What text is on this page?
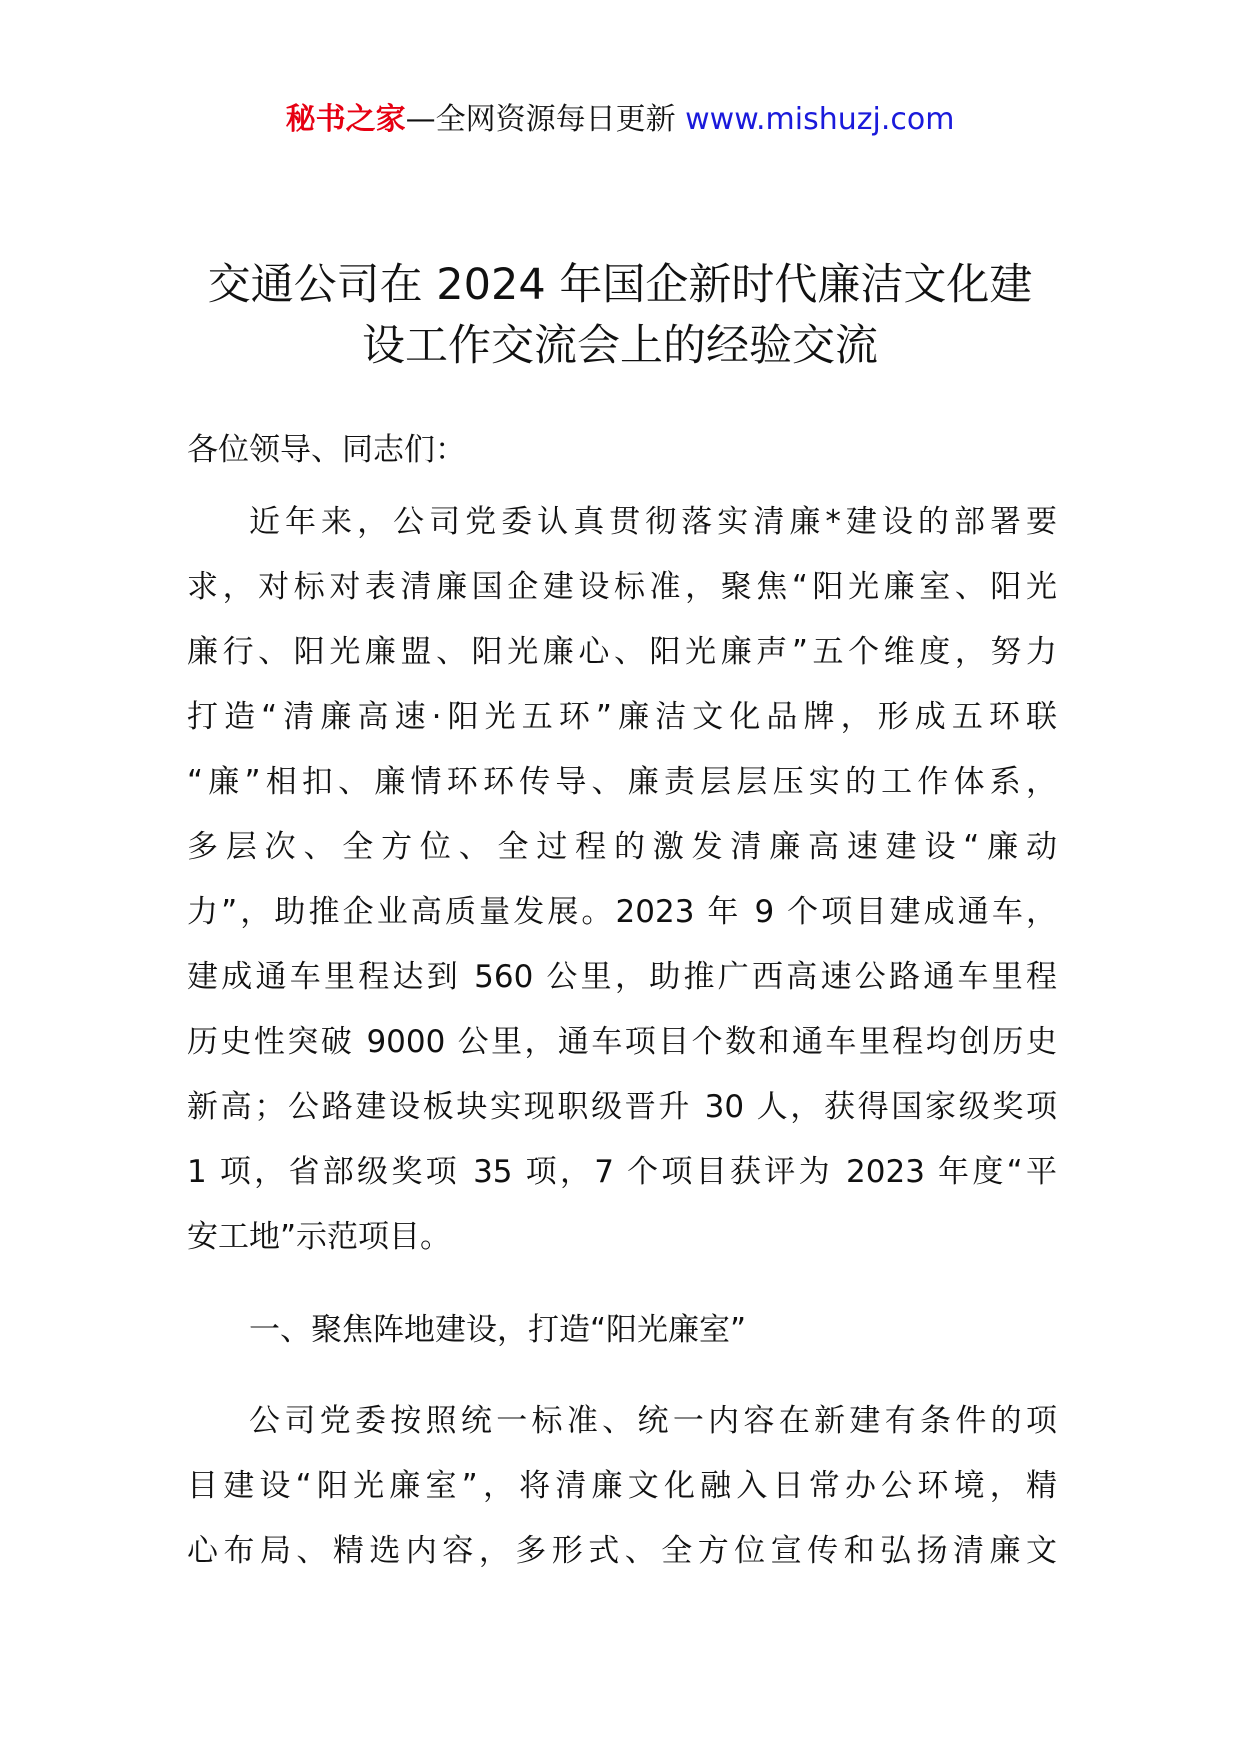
秘书之家—全网资源每日更新 www.mishuzj.com
交通公司在 2024 年国企新时代廉洁文化建
设工作交流会上的经验交流

各位领导、同志们：

近年来，公司党委认真贯彻落实清廉*建设的部署要
求，对标对表清廉国企建设标准，聚焦“阳光廉室、阳光
廉行、阳光廉盟、阳光廉心、阳光廉声”五个维度，努力
打造“清廉高速·阳光五环”廉洁文化品牌，形成五环联
“廉”相扣、廉情环环传导、廉责层层压实的工作体系，
多层次、全方位、全过程的激发清廉高速建设“廉动
力”，助推企业高质量发展。2023 年 9 个项目建成通车，
建成通车里程达到 560 公里，助推广西高速公路通车里程
历史性突破 9000 公里，通车项目个数和通车里程均创历史
新高；公路建设板块实现职级晋升 30 人，获得国家级奖项
1 项，省部级奖项 35 项，7 个项目获评为 2023 年度“平
安工地”示范项目。

一、聚焦阵地建设，打造“阳光廉室”

公司党委按照统一标准、统一内容在新建有条件的项
目建设“阳光廉室”，将清廉文化融入日常办公环境，精
心布局、精选内容，多形式、全方位宣传和弘扬清廉文
